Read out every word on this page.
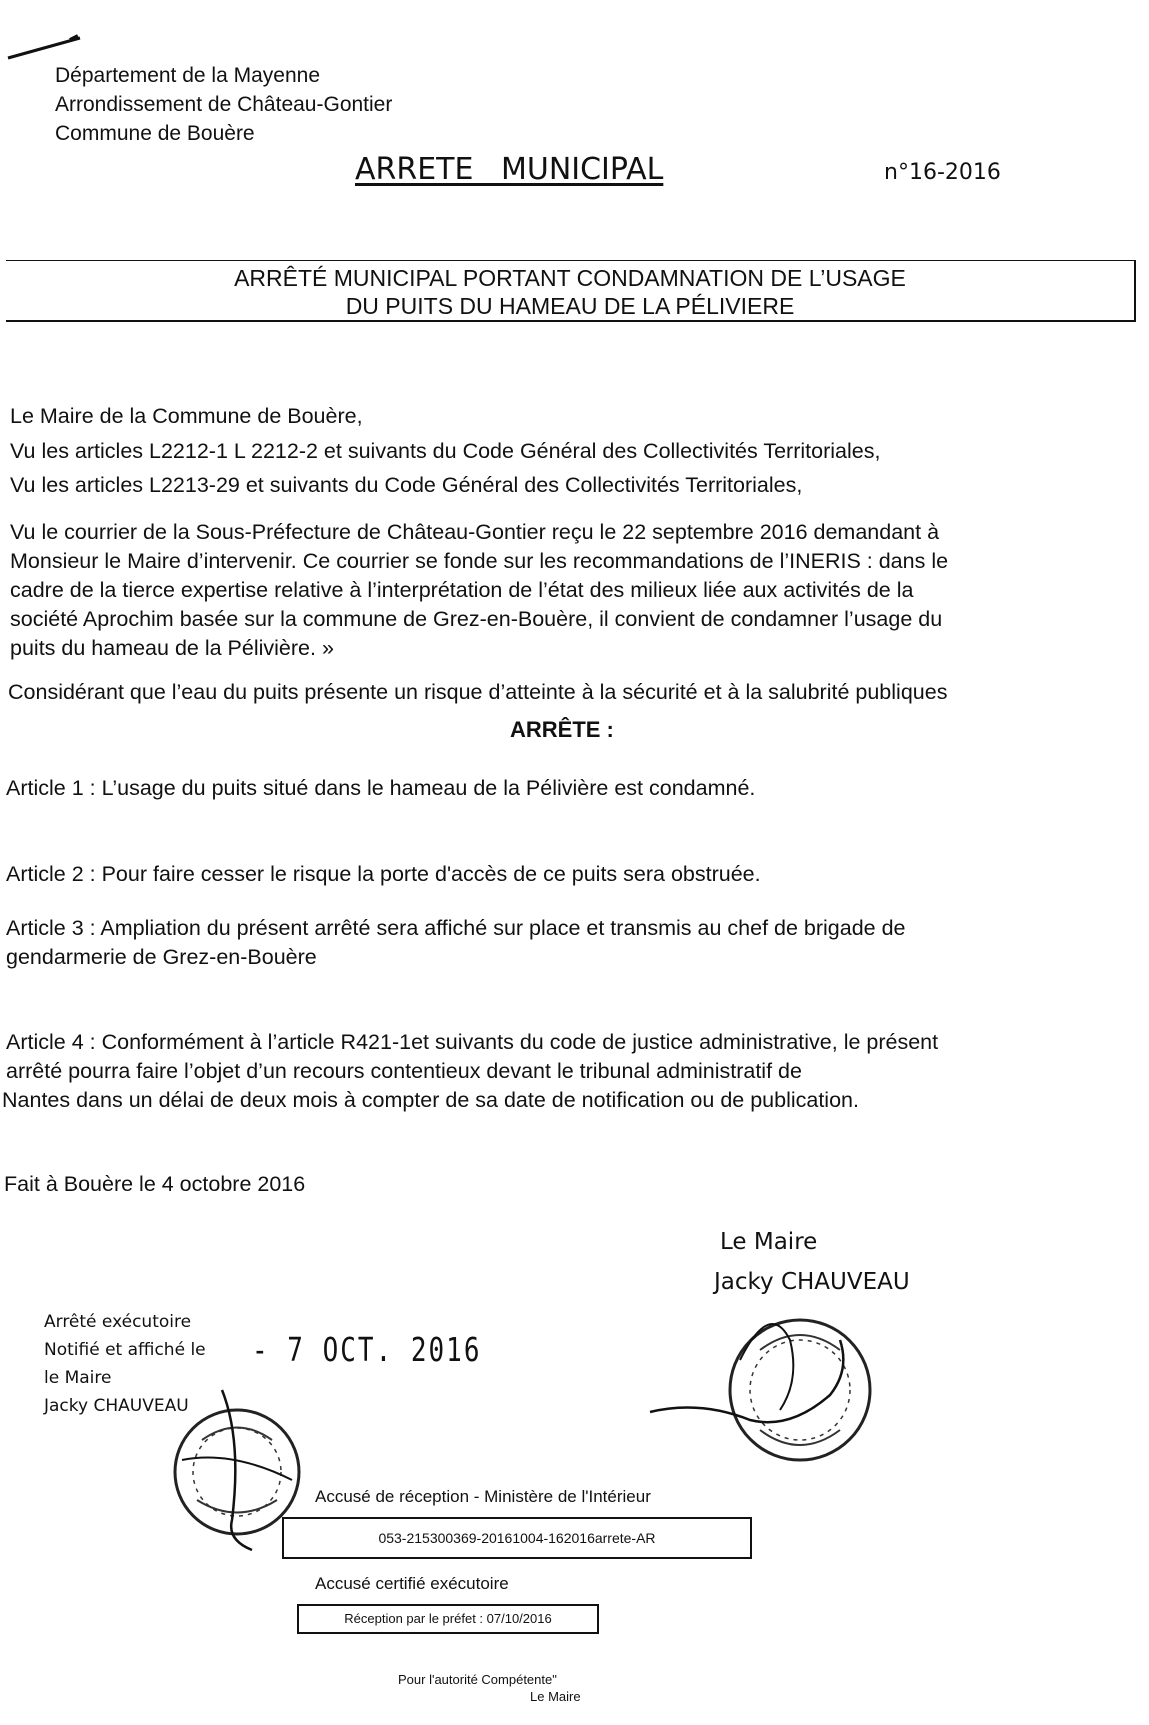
Département de la Mayenne
Arrondissement de Château-Gontier
Commune de Bouère
ARRETE MUNICIPAL	n°16-2016
ARRÊTÉ MUNICIPAL PORTANT CONDAMNATION DE L’USAGE
DU PUITS DU HAMEAU DE LA PÉLIVIERE
Le Maire de la Commune de Bouère,
Vu les articles L2212-1 L 2212-2 et suivants du Code Général des Collectivités Territoriales,
Vu les articles L2213-29 et suivants du Code Général des Collectivités Territoriales,
Vu le courrier de la Sous-Préfecture de Château-Gontier reçu le 22 septembre 2016 demandant à
Monsieur le Maire d’intervenir. Ce courrier se fonde sur les recommandations de l’INERIS : dans le
cadre de la tierce expertise relative à l’interprétation de l’état des milieux liée aux activités de la
société Aprochim basée sur la commune de Grez-en-Bouère, il convient de condamner l’usage du
puits du hameau de la Péliviѐre. »
Considérant que l’eau du puits présente un risque d’atteinte à la sécurité et à la salubrité publiques
ARRÊTE :
Article 1 : L’usage du puits situé dans le hameau de la Péliviѐre est condamné.
Article 2 : Pour faire cesser le risque la porte d'accès de ce puits sera obstruée.
Article 3 : Ampliation du présent arrêté sera affiché sur place et transmis au chef de brigade de
gendarmerie de Grez-en-Bouѐre
Article 4 : Conformément à l’article R421-1et suivants du code de justice administrative, le présent
arrêté pourra faire l’objet d’un recours contentieux devant le tribunal administratif de
Nantes dans un délai de deux mois à compter de sa date de notification ou de publication.
Fait à Bouère le 4 octobre 2016
Le Maire
Jacky CHAUVEAU
Arrêté exécutoire
Notifié et affiché le
le Maire
Jacky CHAUVEAU
- 7 OCT. 2016
Accusé de réception - Ministère de l'Intérieur
053-215300369-20161004-162016arrete-AR
Accusé certifié exécutoire
Réception par le préfet : 07/10/2016
Pour l'autorité Compétente"
Le Maire
